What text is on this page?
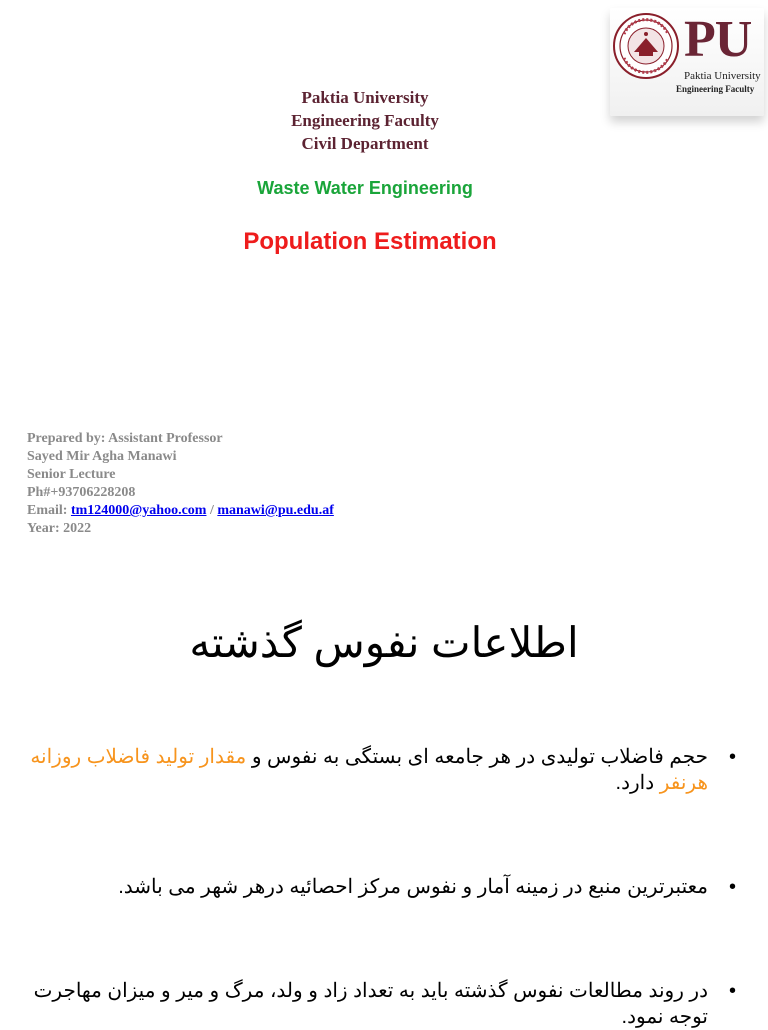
PU
Paktia University
Engineering Faculty
Paktia University
Engineering Faculty
Civil Department
Waste Water Engineering
Population Estimation
Prepared by: Assistant Professor
Sayed Mir Agha Manawi
Senior Lecture
Ph#+93706228208
Email: tm124000@yahoo.com / manawi@pu.edu.af
Year: 2022
اطلاعات نفوس گذشته
• حجم فاضلاب تولیدی در هر جامعه ای بستگی به نفوس و مقدار تولید فاضلاب روزانه هرنفر دارد.
• معتبرترین منبع در زمینه آمار و نفوس مرکز احصائیه درهر شهر می باشد.
• در روند مطالعات نفوس گذشته باید به تعداد زاد و ولد، مرگ و میر و میزان مهاجرت توجه نمود.
